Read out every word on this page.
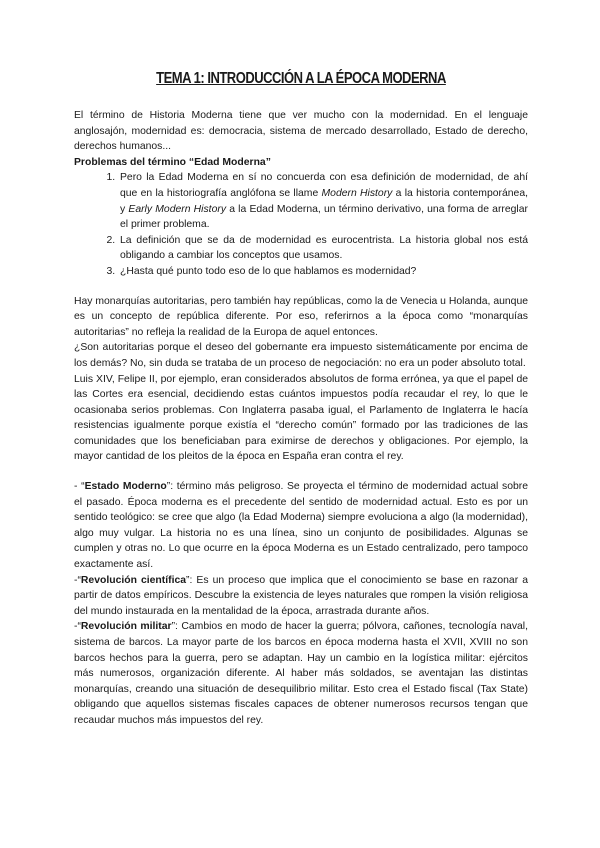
TEMA 1: INTRODUCCIÓN A LA ÉPOCA MODERNA

El término de Historia Moderna tiene que ver mucho con la modernidad. En el lenguaje anglosajón, modernidad es: democracia, sistema de mercado desarrollado, Estado de derecho, derechos humanos...

Problemas del término “Edad Moderna”
1. Pero la Edad Moderna en sí no concuerda con esa definición de modernidad, de ahí que en la historiografía anglófona se llame Modern History a la historia contemporánea, y Early Modern History a la Edad Moderna, un término derivativo, una forma de arreglar el primer problema.
2. La definición que se da de modernidad es eurocentrista. La historia global nos está obligando a cambiar los conceptos que usamos.
3. ¿Hasta qué punto todo eso de lo que hablamos es modernidad?

Hay monarquías autoritarias, pero también hay repúblicas, como la de Venecia u Holanda, aunque es un concepto de república diferente. Por eso, referirnos a la época como “monarquías autoritarias” no refleja la realidad de la Europa de aquel entonces.

¿Son autoritarias porque el deseo del gobernante era impuesto sistemáticamente por encima de los demás? No, sin duda se trataba de un proceso de negociación: no era un poder absoluto total.

Luis XIV, Felipe II, por ejemplo, eran considerados absolutos de forma errónea, ya que el papel de las Cortes era esencial, decidiendo estas cuántos impuestos podía recaudar el rey, lo que le ocasionaba serios problemas. Con Inglaterra pasaba igual, el Parlamento de Inglaterra le hacía resistencias igualmente porque existía el “derecho común” formado por las tradiciones de las comunidades que los beneficiaban para eximirse de derechos y obligaciones. Por ejemplo, la mayor cantidad de los pleitos de la época en España eran contra el rey.

- “Estado Moderno”: término más peligroso. Se proyecta el término de modernidad actual sobre el pasado. Época moderna es el precedente del sentido de modernidad actual. Esto es por un sentido teológico: se cree que algo (la Edad Moderna) siempre evoluciona a algo (la modernidad), algo muy vulgar. La historia no es una línea, sino un conjunto de posibilidades. Algunas se cumplen y otras no. Lo que ocurre en la época Moderna es un Estado centralizado, pero tampoco exactamente así.

-“Revolución científica”: Es un proceso que implica que el conocimiento se base en razonar a partir de datos empíricos. Descubre la existencia de leyes naturales que rompen la visión religiosa del mundo instaurada en la mentalidad de la época, arrastrada durante años.

-“Revolución militar”: Cambios en modo de hacer la guerra; pólvora, cañones, tecnología naval, sistema de barcos. La mayor parte de los barcos en época moderna hasta el XVII, XVIII no son barcos hechos para la guerra, pero se adaptan. Hay un cambio en la logística militar: ejércitos más numerosos, organización diferente. Al haber más soldados, se aventajan las distintas monarquías, creando una situación de desequilibrio militar. Esto crea el Estado fiscal (Tax State) obligando que aquellos sistemas fiscales capaces de obtener numerosos recursos tengan que recaudar muchos más impuestos del rey.
